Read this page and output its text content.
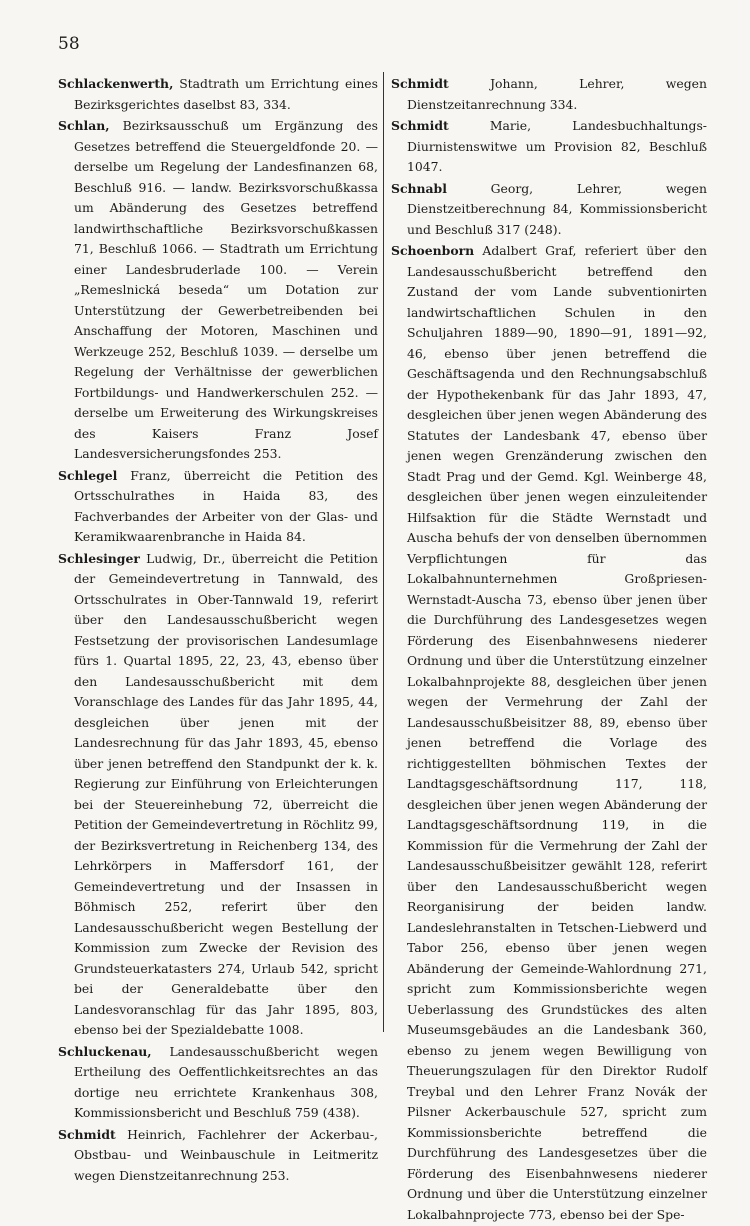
58

Schlackenwerth, Stadtrath um Errichtung eines Bezirksgerichtes daselbst 83, 334.

Schlan, Bezirksausschuß um Ergänzung des Gesetzes betreffend die Steuergeldfonde 20. — derselbe um Regelung der Landesfinanzen 68, Beschluß 916. — landw. Bezirksvorschußkassa um Abänderung des Gesetzes betreffend landwirthschaftliche Bezirksvorschußkassen 71, Beschluß 1066. — Stadtrath um Errichtung einer Landesbruderlade 100. — Verein „Remeslnická beseda“ um Dotation zur Unterstützung der Gewerbetreibenden bei Anschaffung der Motoren, Maschinen und Werkzeuge 252, Beschluß 1039. — derselbe um Regelung der Verhältnisse der gewerblichen Fortbildungs- und Handwerkerschulen 252. — derselbe um Erweiterung des Wirkungskreises des Kaisers Franz Josef Landesversicherungsfondes 253.

Schlegel Franz, überreicht die Petition des Ortsschulrathes in Haida 83, des Fachverbandes der Arbeiter von der Glas- und Keramikwaarenbranche in Haida 84.

Schlesinger Ludwig, Dr., überreicht die Petition der Gemeindevertretung in Tannwald, des Ortsschulrates in Ober-Tannwald 19, referirt über den Landesausschußbericht wegen Festsetzung der provisorischen Landesumlage fürs 1. Quartal 1895, 22, 23, 43, ebenso über den Landesausschußbericht mit dem Voranschlage des Landes für das Jahr 1895, 44, desgleichen über jenen mit der Landesrechnung für das Jahr 1893, 45, ebenso über jenen betreffend den Standpunkt der k. k. Regierung zur Einführung von Erleichterungen bei der Steuereinhebung 72, überreicht die Petition der Gemeindevertretung in Röchlitz 99, der Bezirksvertretung in Reichenberg 134, des Lehrkörpers in Maffersdorf 161, der Gemeindevertretung und der Insassen in Böhmisch 252, referirt über den Landesausschußbericht wegen Bestellung der Kommission zum Zwecke der Revision des Grundsteuerkatasters 274, Urlaub 542, spricht bei der Generaldebatte über den Landesvoranschlag für das Jahr 1895, 803, ebenso bei der Spezialdebatte 1008.

Schluckenau, Landesausschußbericht wegen Ertheilung des Oeffentlichkeitsrechtes an das dortige neu errichtete Krankenhaus 308, Kommissionsbericht und Beschluß 759 (438).

Schmidt Heinrich, Fachlehrer der Ackerbau-, Obstbau- und Weinbauschule in Leitmeritz wegen Dienstzeitanrechnung 253.

Schmidt Johann, Lehrer, wegen Dienstzeitanrechnung 334.

Schmidt Marie, Landesbuchhaltungs-Diurnistenswitwe um Provision 82, Beschluß 1047.

Schnabl Georg, Lehrer, wegen Dienstzeitberechnung 84, Kommissionsbericht und Beschluß 317 (248).

Schoenborn Adalbert Graf, referiert über den Landesausschußbericht betreffend den Zustand der vom Lande subventionirten landwirtschaftlichen Schulen in den Schuljahren 1889—90, 1890—91, 1891—92, 46, ebenso über jenen betreffend die Geschäftsagenda und den Rechnungsabschluß der Hypothekenbank für das Jahr 1893, 47, desgleichen über jenen wegen Abänderung des Statutes der Landesbank 47, ebenso über jenen wegen Grenzänderung zwischen den Stadt Prag und der Gemd. Kgl. Weinberge 48, desgleichen über jenen wegen einzuleitender Hilfsaktion für die Städte Wernstadt und Auscha behufs der von denselben übernommen Verpflichtungen für das Lokalbahnunternehmen Großpriesen-Wernstadt-Auscha 73, ebenso über jenen über die Durchführung des Landesgesetzes wegen Förderung des Eisenbahnwesens niederer Ordnung und über die Unterstützung einzelner Lokalbahnprojekte 88, desgleichen über jenen wegen der Vermehrung der Zahl der Landesausschußbeisitzer 88, 89, ebenso über jenen betreffend die Vorlage des richtiggestellten böhmischen Textes der Landtagsgeschäftsordnung 117, 118, desgleichen über jenen wegen Abänderung der Landtagsgeschäftsordnung 119, in die Kommission für die Vermehrung der Zahl der Landesausschußbeisitzer gewählt 128, referirt über den Landesausschußbericht wegen Reorganisirung der beiden landw. Landeslehranstalten in Tetschen-Liebwerd und Tabor 256, ebenso über jenen wegen Abänderung der Gemeinde-Wahlordnung 271, spricht zum Kommissionsberichte wegen Ueberlassung des Grundstückes des alten Museumsgebäudes an die Landesbank 360, ebenso zu jenem wegen Bewilligung von Theuerungszulagen für den Direktor Rudolf Treybal und den Lehrer Franz Novák der Pilsner Ackerbauschule 527, spricht zum Kommissionsberichte betreffend die Durchführung des Landesgesetzes über die Förderung des Eisenbahnwesens niederer Ordnung und über die Unterstützung einzelner Lokalbahnprojecte 773, ebenso bei der Spe-
